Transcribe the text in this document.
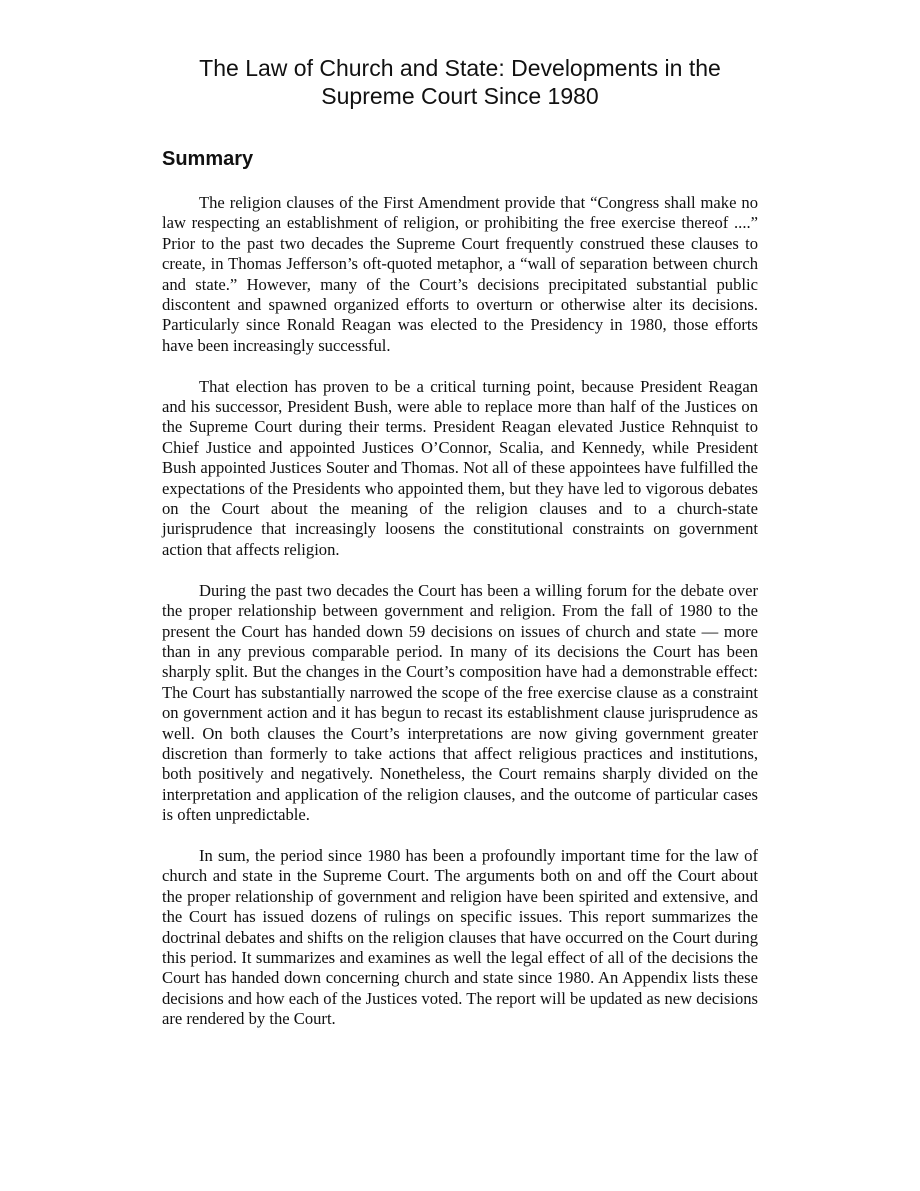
The Law of Church and State: Developments in the
Supreme Court Since 1980
Summary

The religion clauses of the First Amendment provide that “Congress shall make no law respecting an establishment of religion, or prohibiting the free exercise thereof ....” Prior to the past two decades the Supreme Court frequently construed these clauses to create, in Thomas Jefferson’s oft-quoted metaphor, a “wall of separation between church and state.” However, many of the Court’s decisions precipitated substantial public discontent and spawned organized efforts to overturn or otherwise alter its decisions. Particularly since Ronald Reagan was elected to the Presidency in 1980, those efforts have been increasingly successful.

That election has proven to be a critical turning point, because President Reagan and his successor, President Bush, were able to replace more than half of the Justices on the Supreme Court during their terms. President Reagan elevated Justice Rehnquist to Chief Justice and appointed Justices O’Connor, Scalia, and Kennedy, while President Bush appointed Justices Souter and Thomas. Not all of these appointees have fulfilled the expectations of the Presidents who appointed them, but they have led to vigorous debates on the Court about the meaning of the religion clauses and to a church-state jurisprudence that increasingly loosens the constitutional constraints on government action that affects religion.

During the past two decades the Court has been a willing forum for the debate over the proper relationship between government and religion. From the fall of 1980 to the present the Court has handed down 59 decisions on issues of church and state — more than in any previous comparable period. In many of its decisions the Court has been sharply split. But the changes in the Court’s composition have had a demonstrable effect: The Court has substantially narrowed the scope of the free exercise clause as a constraint on government action and it has begun to recast its establishment clause jurisprudence as well. On both clauses the Court’s interpretations are now giving government greater discretion than formerly to take actions that affect religious practices and institutions, both positively and negatively. Nonetheless, the Court remains sharply divided on the interpretation and application of the religion clauses, and the outcome of particular cases is often unpredictable.

In sum, the period since 1980 has been a profoundly important time for the law of church and state in the Supreme Court. The arguments both on and off the Court about the proper relationship of government and religion have been spirited and extensive, and the Court has issued dozens of rulings on specific issues. This report summarizes the doctrinal debates and shifts on the religion clauses that have occurred on the Court during this period. It summarizes and examines as well the legal effect of all of the decisions the Court has handed down concerning church and state since 1980. An Appendix lists these decisions and how each of the Justices voted. The report will be updated as new decisions are rendered by the Court.
